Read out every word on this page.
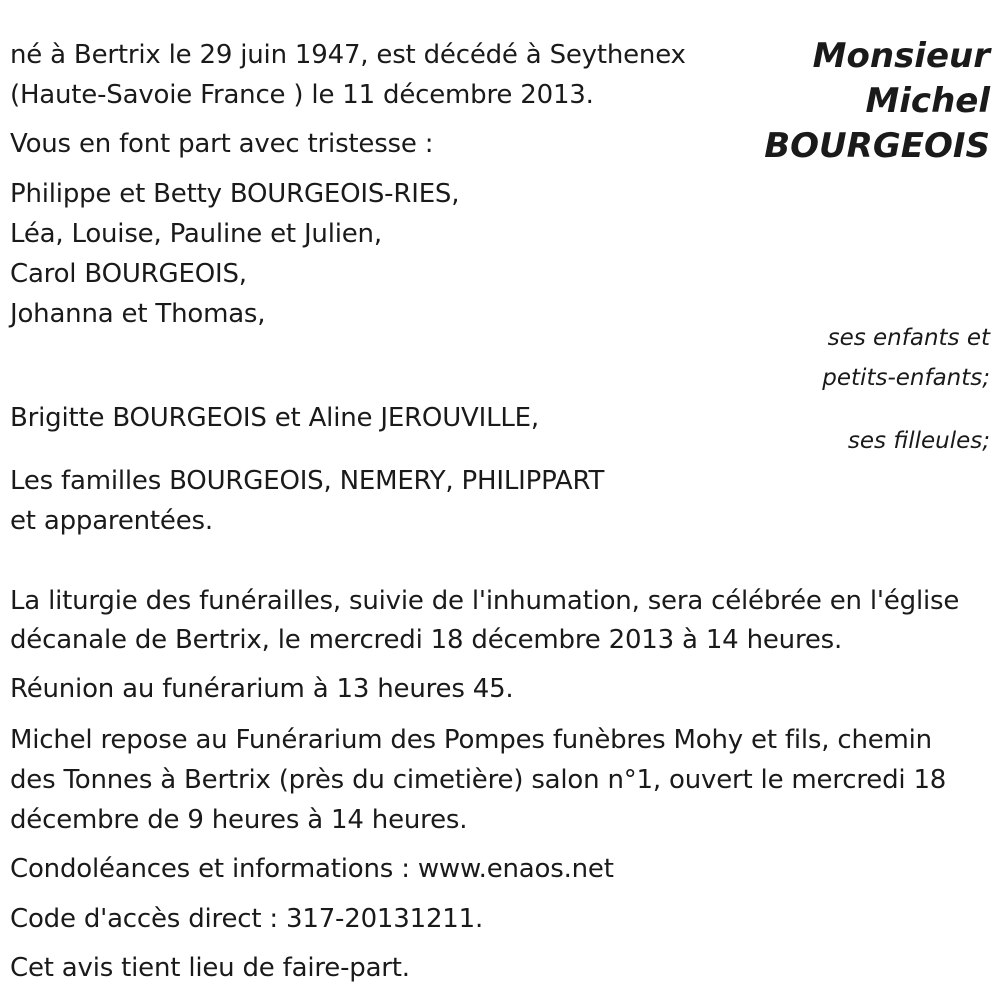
Monsieur
Michel
BOURGEOIS
né à Bertrix le 29 juin 1947, est décédé à Seythenex
(Haute-Savoie France ) le 11 décembre 2013.
Vous en font part avec tristesse :
Philippe et Betty BOURGEOIS-RIES,
Léa, Louise, Pauline et Julien,
Carol BOURGEOIS,
Johanna et Thomas,
ses enfants et
petits-enfants;
Brigitte BOURGEOIS et Aline JEROUVILLE,
ses filleules;
Les familles BOURGEOIS, NEMERY, PHILIPPART
et apparentées.
La liturgie des funérailles, suivie de l'inhumation, sera célébrée en l'église
décanale de Bertrix, le mercredi 18 décembre 2013 à 14 heures.
Réunion au funérarium à 13 heures 45.
Michel repose au Funérarium des Pompes funèbres Mohy et fils, chemin
des Tonnes à Bertrix (près du cimetière) salon n°1, ouvert le mercredi 18
décembre de 9 heures à 14 heures.
Condoléances et informations : www.enaos.net
Code d'accès direct : 317-20131211.
Cet avis tient lieu de faire-part.
